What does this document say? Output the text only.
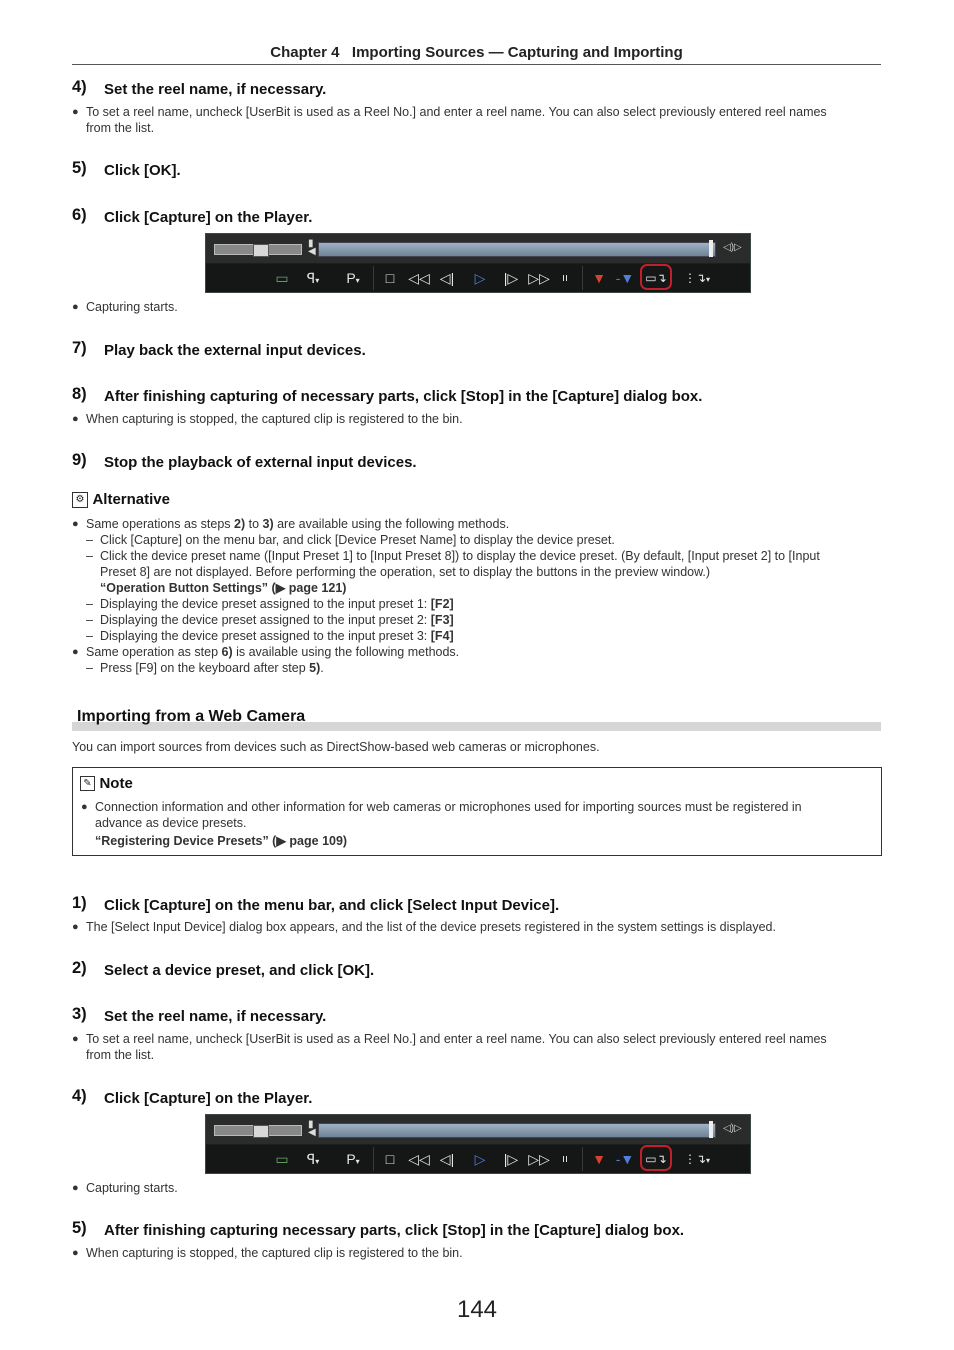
Chapter 4   Importing Sources — Capturing and Importing
4) Set the reel name, if necessary.
● To set a reel name, uncheck [UserBit is used as a Reel No.] and enter a reel name. You can also select previously entered reel names
from the list.
5) Click [OK].
6) Click [Capture] on the Player.
▮
◀	◁)▷
▭	ꟼ▾	P▾	□ ◁◁ ◁|	▷	|▷ ▷▷	ıı ▼ -▼ ▭↴ ⋮↴▾
● Capturing starts.
7) Play back the external input devices.
8) After finishing capturing of necessary parts, click [Stop] in the [Capture] dialog box.
● When capturing is stopped, the captured clip is registered to the bin.
9) Stop the playback of external input devices.
⚙ Alternative
● Same operations as steps 2) to 3) are available using the following methods.
– Click [Capture] on the menu bar, and click [Device Preset Name] to display the device preset.
– Click the device preset name ([Input Preset 1] to [Input Preset 8]) to display the device preset. (By default, [Input preset 2] to [Input
Preset 8] are not displayed. Before performing the operation, set to display the buttons in the preview window.)
“Operation Button Settings” (▶ page 121)
– Displaying the device preset assigned to the input preset 1: [F2]
– Displaying the device preset assigned to the input preset 2: [F3]
– Displaying the device preset assigned to the input preset 3: [F4]
● Same operation as step 6) is available using the following methods.
– Press [F9] on the keyboard after step 5).
Importing from a Web Camera
You can import sources from devices such as DirectShow-based web cameras or microphones.
✎ Note
● Connection information and other information for web cameras or microphones used for importing sources must be registered in
advance as device presets.
“Registering Device Presets” (▶ page 109)
1) Click [Capture] on the menu bar, and click [Select Input Device].
● The [Select Input Device] dialog box appears, and the list of the device presets registered in the system settings is displayed.
2) Select a device preset, and click [OK].
3) Set the reel name, if necessary.
● To set a reel name, uncheck [UserBit is used as a Reel No.] and enter a reel name. You can also select previously entered reel names
from the list.
4) Click [Capture] on the Player.
▮
◀	◁)▷
▭	ꟼ▾	P▾	□ ◁◁ ◁|	▷	|▷ ▷▷	ıı ▼ -▼ ▭↴ ⋮↴▾
● Capturing starts.
5) After finishing capturing necessary parts, click [Stop] in the [Capture] dialog box.
● When capturing is stopped, the captured clip is registered to the bin.
144
